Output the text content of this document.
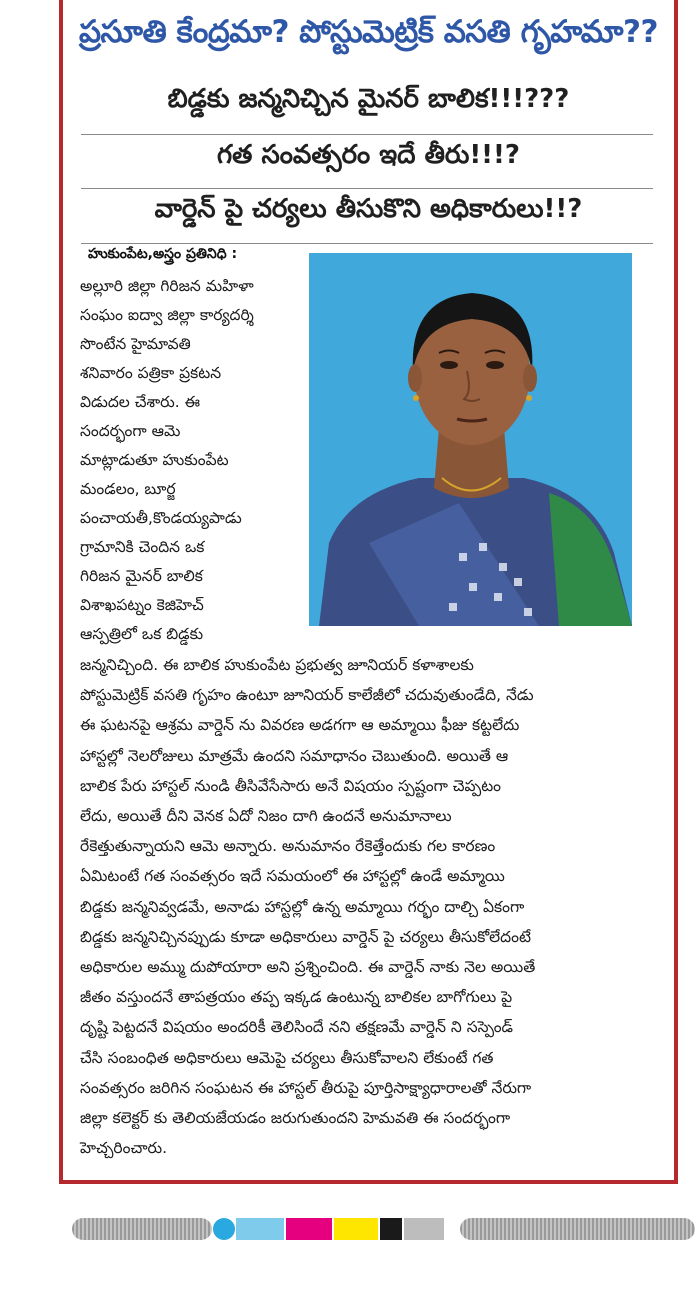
ప్రసూతి కేంద్రమా? పోస్టుమెట్రిక్ వసతి గృహమా??
బిడ్డకు జన్మనిచ్చిన మైనర్ బాలిక!!!???
గత సంవత్సరం ఇదే తీరు!!!?
వార్డెన్ పై చర్యలు తీసుకొని అధికారులు!!?
హుకుంపేట,అస్త్రం ప్రతినిధి :
అల్లూరి జిల్లా గిరిజన మహిళా
సంఘం ఐద్వా జిల్లా కార్యదర్శి
సొంటేన హైమావతి
శనివారం పత్రికా ప్రకటన
విడుదల చేశారు. ఈ
సందర్భంగా ఆమె
మాట్లాడుతూ హుకుంపేట
మండలం, బూర్జ
పంచాయతీ,కొండయ్యపాడు
గ్రామానికి చెందిన ఒక
గిరిజన మైనర్ బాలిక
విశాఖపట్నం కెజిహెచ్
ఆస్పత్రిలో ఒక బిడ్డకు
జన్మనిచ్చింది. ఈ బాలిక హుకుంపేట ప్రభుత్వ జూనియర్ కళాశాలకు
పోస్టుమెట్రిక్ వసతి గృహం ఉంటూ జూనియర్ కాలేజీలో చదువుతుండేది, నేడు
ఈ ఘటనపై ఆశ్రమ వార్డెన్ ను వివరణ అడగగా ఆ అమ్మాయి ఫీజు కట్టలేదు
హాస్టల్లో నెలరోజులు మాత్రమే ఉందని సమాధానం చెబుతుంది. అయితే ఆ
బాలిక పేరు హాస్టల్ నుండి తీసివేసేసారు అనే విషయం స్పష్టంగా చెప్పటం
లేదు, అయితే దీని వెనక ఏదో నిజం దాగి ఉందనే అనుమానాలు
రేకెత్తుతున్నాయని ఆమె అన్నారు. అనుమానం రేకెత్తేందుకు గల కారణం
ఏమిటంటే గత సంవత్సరం ఇదే సమయంలో ఈ హాస్టల్లో ఉండే అమ్మాయి
బిడ్డకు జన్మనివ్వడమే, అనాడు హాస్టల్లో ఉన్న అమ్మాయి గర్భం దాల్చి ఏకంగా
బిడ్డకు జన్మనిచ్చినప్పుడు కూడా అధికారులు వార్డెన్ పై చర్యలు తీసుకోలేదంటే
అధికారుల అమ్ము దుపోయారా అని ప్రశ్నించింది. ఈ వార్డెన్ నాకు నెల అయితే
జీతం వస్తుందనే తాపత్రయం తప్ప ఇక్కడ ఉంటున్న బాలికల బాగోగులు పై
దృష్టి పెట్టదనే విషయం అందరికీ తెలిసిందే నని తక్షణమే వార్డెన్ ని సస్పెండ్
చేసి సంబంధిత అధికారులు ఆమెపై చర్యలు తీసుకోవాలని లేకుంటే గత
సంవత్సరం జరిగిన సంఘటన ఈ హాస్టల్ తీరుపై పూర్తిసాక్ష్యాధారాలతో నేరుగా
జిల్లా కలెక్టర్ కు తెలియజేయడం జరుగుతుందని హెమవతి ఈ సందర్భంగా
హెచ్చరించారు.
